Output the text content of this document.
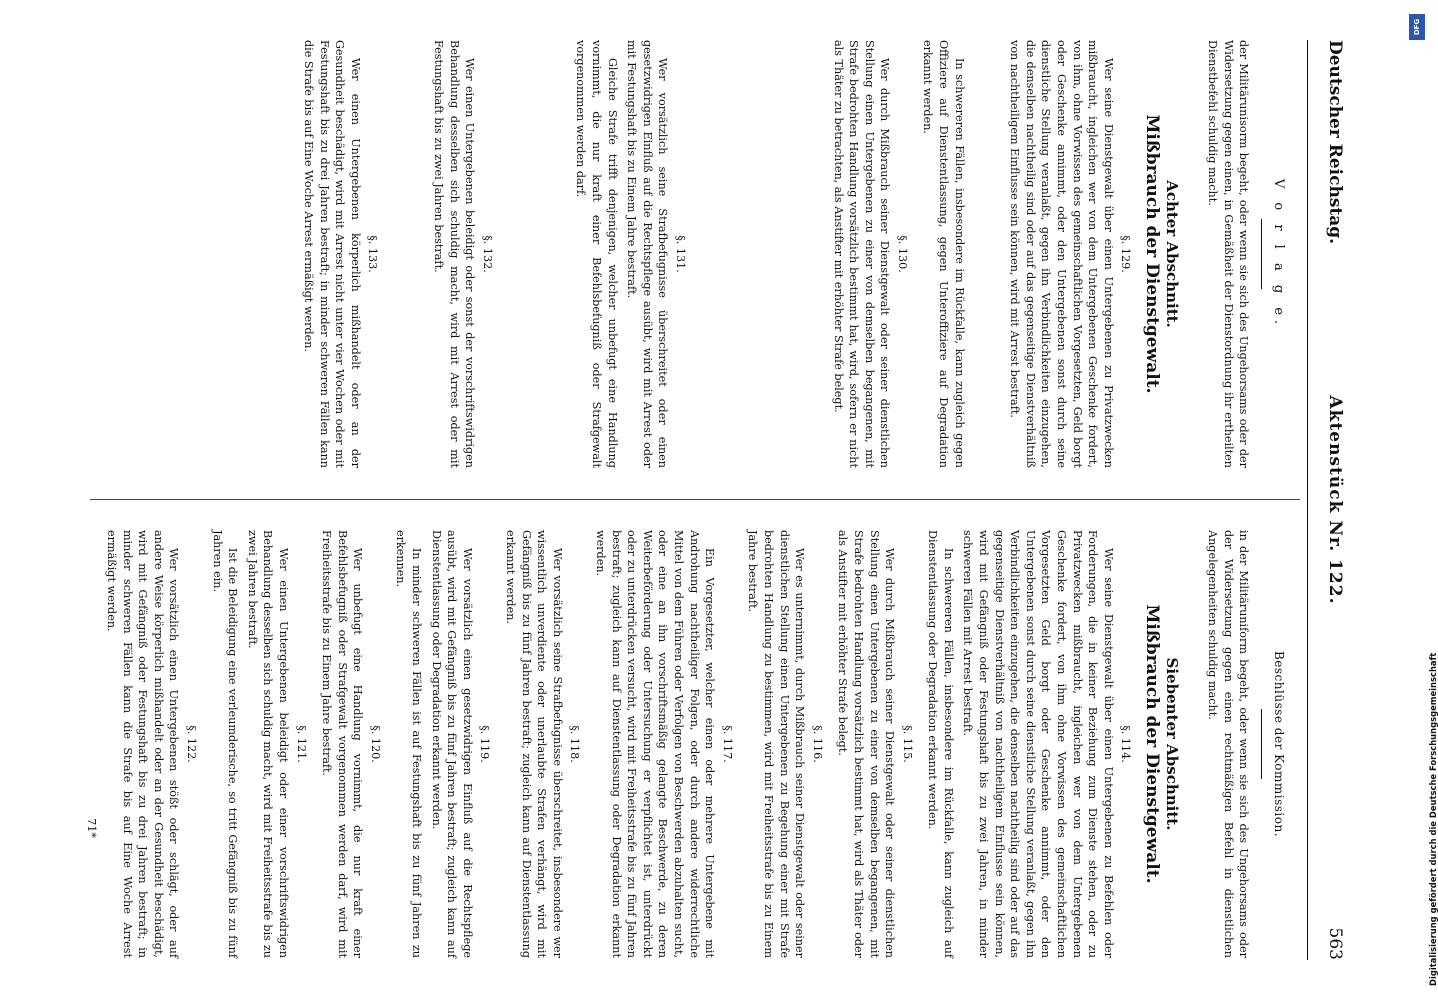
Deutscher Reichstag.
Aktenstück Nr. 122.
563
V o r l a g e.

der Militärunisorm begeht, oder wenn sie sich des Ungehorsams oder der Widersetzung gegen einen, in Gemäßheit der Dienstordnung ihr ertheilten Dienstbefehl schuldig macht.

Achter Abschnitt.
Mißbrauch der Dienstgewalt.
§. 129.

Wer seine Dienstgewalt über einen Untergebenen zu Privatzwecken mißbraucht, ingleichen wer von dem Untergebenen Geschenke fordert, von ihm, ohne Vorwissen des gemeinschaftlichen Vorgesetzten, Geld borgt oder Geschenke annimmt, oder den Untergebenen sonst durch seine dienstliche Stellung veranlaßt, gegen ihn Verbindlichkeiten einzugehen, die denselben nachtheilig sind oder auf das gegenseitige Dienstverhältniß von nachtheiligem Einflusse sein können, wird mit Arrest bestraft.

In schwereren Fällen, insbesondere im Rückfalle, kann zugleich gegen Offiziere auf Dienstentlassung, gegen Unteroffiziere auf Degradation erkannt werden.

§. 130.

Wer durch Mißbrauch seiner Dienstgewalt oder seiner dienstlichen Stellung einen Untergebenen zu einer von demselben begangenen, mit Strafe bedrohten Handlung vorsätzlich bestimmt hat, wird, sofern er nicht als Thäter zu betrachten, als Anstifter mit erhöhter Strafe belegt.

§. 131.

Wer vorsätzlich seine Strafbefugnisse überschreitet oder einen gesetzwidrigen Einfluß auf die Rechtspflege ausübt, wird mit Arrest oder mit Festungshaft bis zu Einem Jahre bestraft.

Gleiche Strafe trifft denjenigen, welcher unbefugt eine Handlung vornimmt, die nur kraft einer Befehlsbefugniß oder Strafgewalt vorgenommen werden darf.

§. 132.

Wer einen Untergebenen beleidigt oder sonst der vorschriftswidrigen Behandlung desselben sich schuldig macht, wird mit Arrest oder mit Festungshaft bis zu zwei Jahren bestraft.

§. 133.

Wer einen Untergebenen körperlich mißhandelt oder an der Gesundheit beschädigt, wird mit Arrest nicht unter vier Wochen oder mit Festungshaft bis zu drei Jahren bestraft; in minder schweren Fällen kann die Strafe bis auf Eine Woche Arrest ermäßigt werden.

Beschlüsse der Kommission.

in der Militäruniform begeht, oder wenn sie sich des Ungehorsams oder der Widersetzung gegen einen rechtmäßigen Befehl in dienstlichen Angelegenheiten schuldig macht.

Siebenter Abschnitt.
Mißbrauch der Dienstgewalt.
§. 114.

Wer seine Dienstgewalt über einen Untergebenen zu Befehlen oder Forderungen, die in keiner Beziehung zum Dienste stehen, oder zu Privatzwecken mißbraucht, ingleichen wer von dem Untergebenen Geschenke fordert, von ihm ohne Vorwissen des gemeinschaftlichen Vorgesetzten Geld borgt oder Geschenke annimmt, oder den Untergebenen sonst durch seine dienstliche Stellung veranlaßt, gegen ihn Verbindlichkeiten einzugehen, die denselben nachtheilig sind oder auf das gegenseitige Dienstverhältniß von nachtheiligem Einflusse sein können, wird mit Gefängniß oder Festungshaft bis zu zwei Jahren, in minder schweren Fällen mit Arrest bestraft.

In schwereren Fällen, insbesondere im Rückfalle, kann zugleich auf Dienstentlassung oder Degradation erkannt werden.

§. 115.

Wer durch Mißbrauch seiner Dienstgewalt oder seiner dienstlichen Stellung einen Untergebenen zu einer von demselben begangenen, mit Strafe bedrohten Handlung vorsätzlich bestimmt hat, wird als Thäter oder als Anstifter mit erhöhter Strafe belegt.

§. 116.

Wer es unternimmt, durch Mißbrauch seiner Dienstgewalt oder seiner dienstlichen Stellung einen Untergebenen zu Begehung einer mit Strafe bedrohten Handlung zu bestimmen, wird mit Freiheitsstrafe bis zu Einem Jahre bestraft.

§. 117.

Ein Vorgesetzter, welcher einen oder mehrere Untergebene mit Androhung nachtheiliger Folgen, oder durch andere widerrechtliche Mittel von dem Führen oder Verfolgen von Beschwerden abzuhalten sucht, oder eine an ihn vorschriftsmäßig gelangte Beschwerde, zu deren Weiterbeförderung oder Untersuchung er verpflichtet ist, unterdrückt oder zu unterdrücken versucht, wird mit Freiheitsstrafe bis zu fünf Jahren bestraft; zugleich kann auf Dienstentlassung oder Degradation erkannt werden.

§. 118.

Wer vorsätzlich seine Strafbefugnisse überschreitet, insbesondere wer wissentlich unverdiente oder unerlaubte Strafen verhängt, wird mit Gefängniß bis zu fünf Jahren bestraft; zugleich kann auf Dienstentlassung erkannt werden.

§. 119.

Wer vorsätzlich einen gesetzwidrigen Einfluß auf die Rechtspflege ausübt, wird mit Gefängniß bis zu fünf Jahren bestraft; zugleich kann auf Dienstentlassung oder Degradation erkannt werden.

In minder schweren Fällen ist auf Festungshaft bis zu fünf Jahren zu erkennen.

§. 120.

Wer unbefugt eine Handlung vornimmt, die nur kraft einer Befehlsbefugniß oder Strafgewalt vorgenommen werden darf, wird mit Freiheitsstrafe bis zu Einem Jahre bestraft.

§. 121.

Wer einen Untergebenen beleidigt oder einer vorschriftswidrigen Behandlung desselben sich schuldig macht, wird mit Freiheitsstrafe bis zu zwei Jahren bestraft.

Ist die Beleidigung eine verleumderische, so tritt Gefängniß bis zu fünf Jahren ein.

§. 122.

Wer vorsätzlich einen Untergebenen stößt oder schlägt, oder auf andere Weise körperlich mißhandelt oder an der Gesundheit beschädigt, wird mit Gefängniß oder Festungshaft bis zu drei Jahren bestraft; in minder schweren Fällen kann die Strafe bis auf Eine Woche Arrest ermäßigt werden.

71*	Digitalisierung gefördert durch die Deutsche Forschungsgemeinschaft
DFG
